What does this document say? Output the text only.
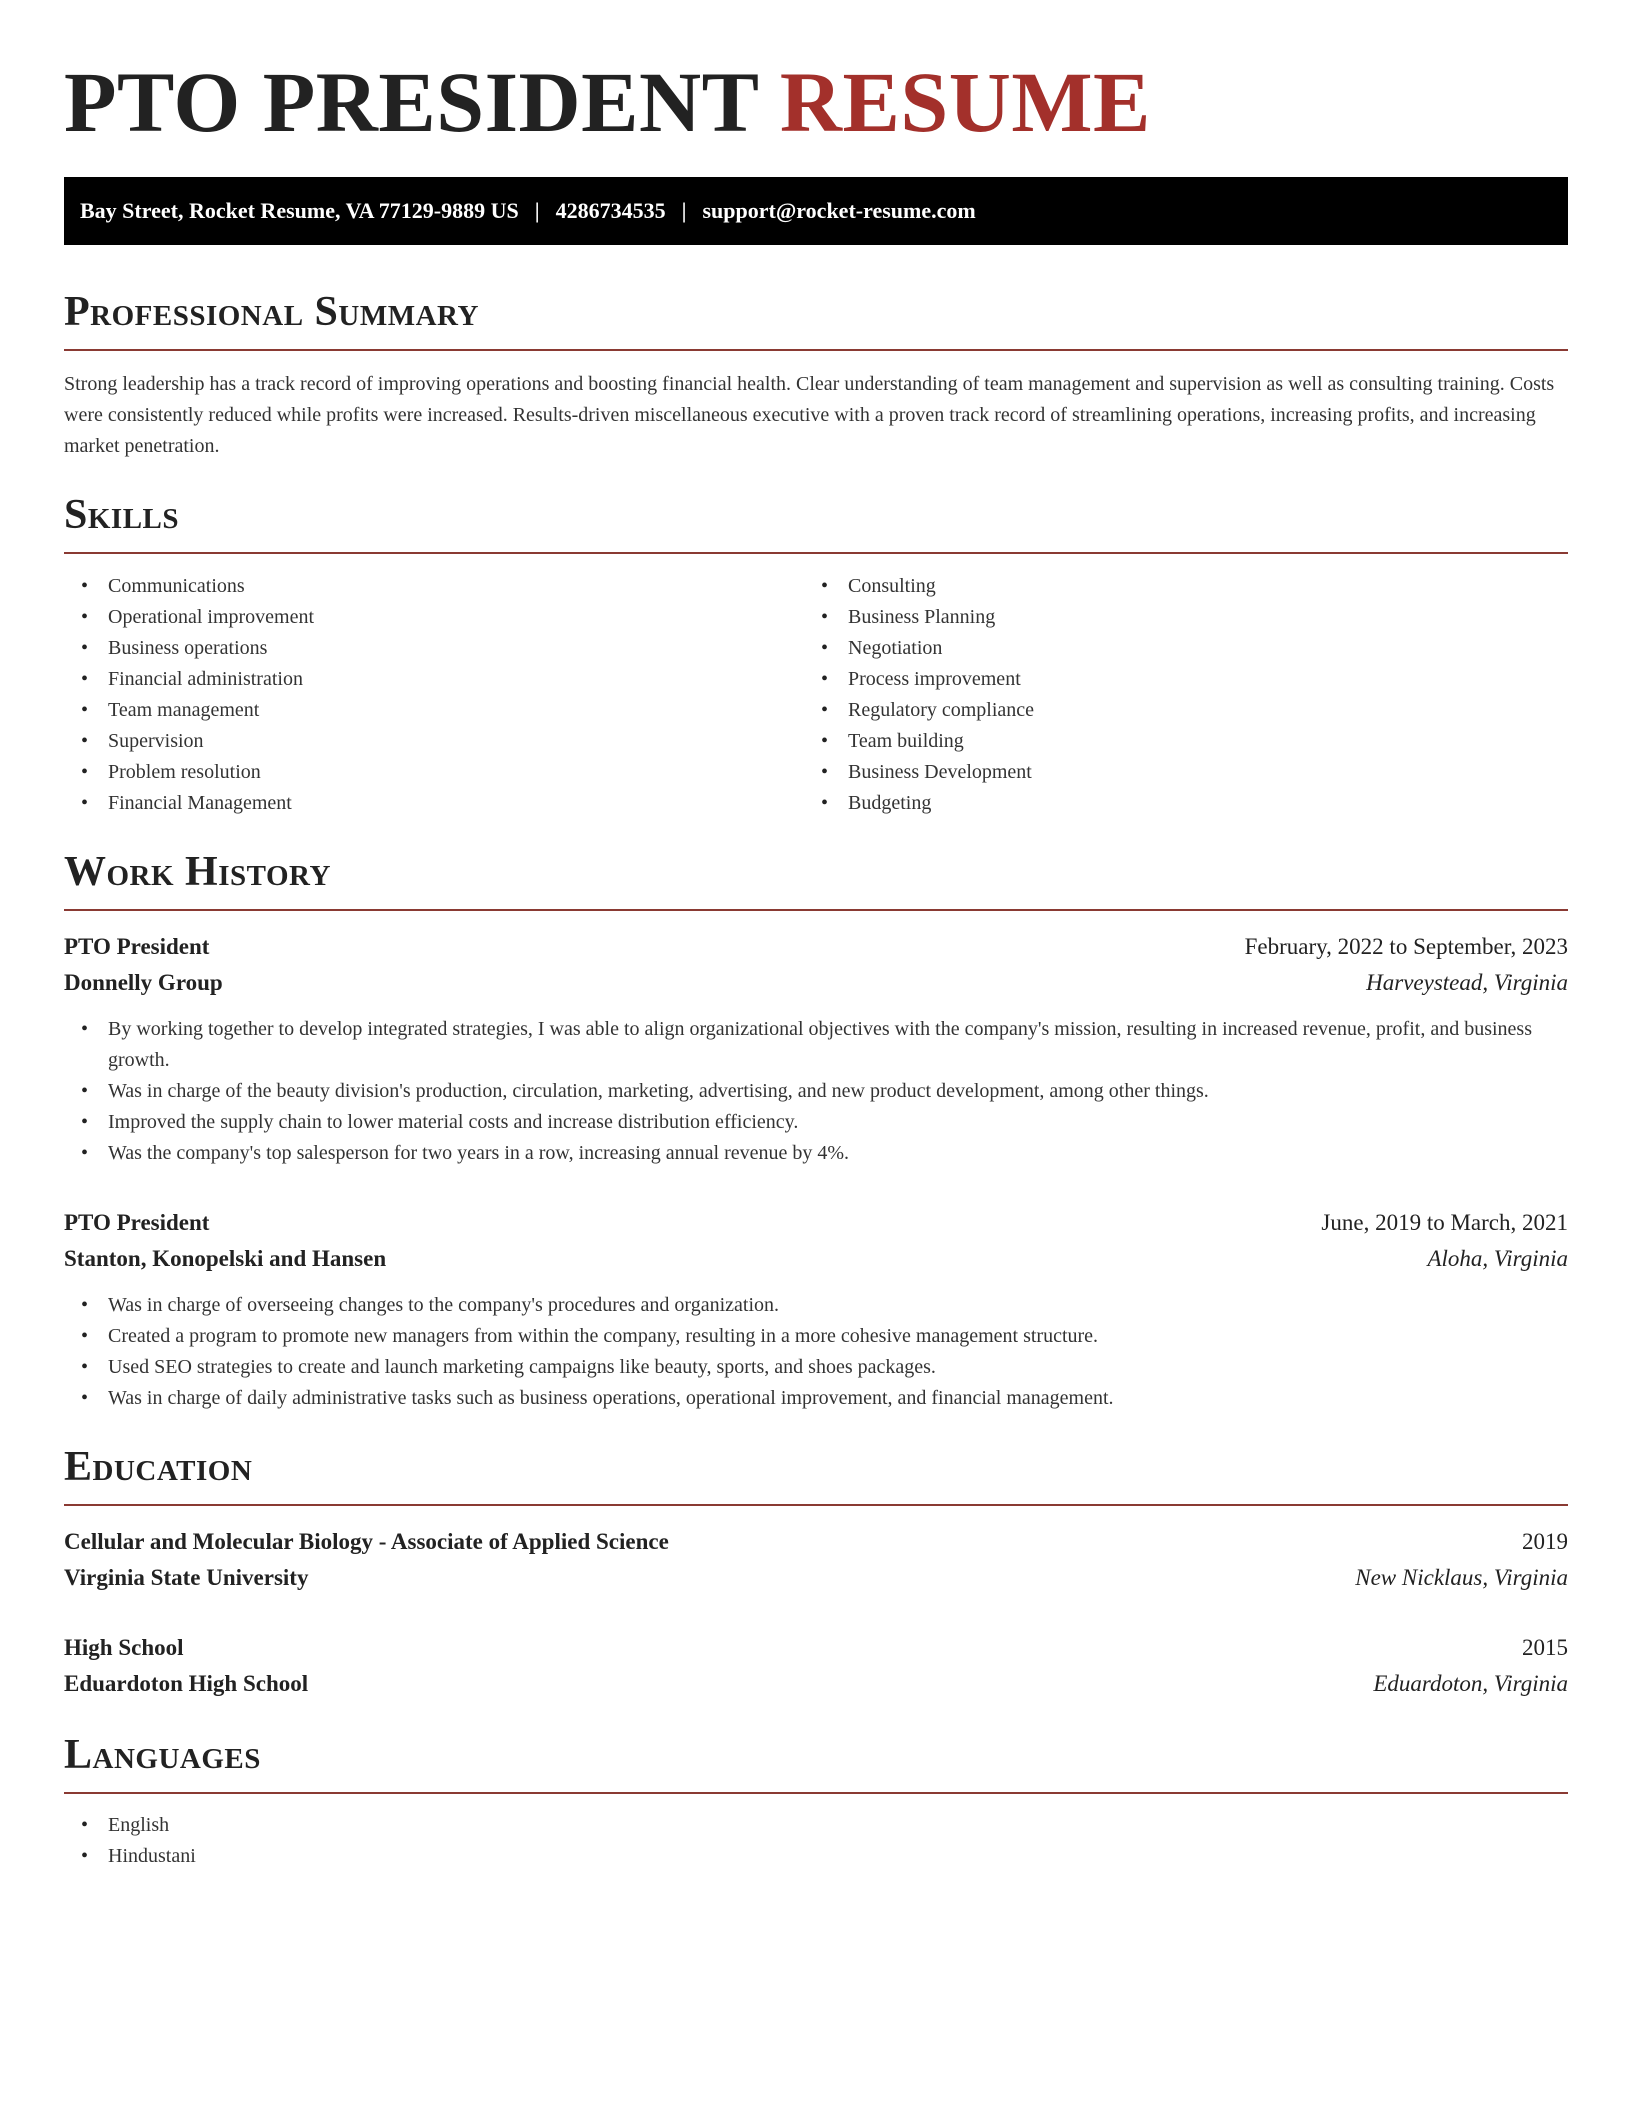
PTO PRESIDENT RESUME
Bay Street, Rocket Resume, VA 77129-9889 US | 4286734535 | support@rocket-resume.com
Professional Summary

Strong leadership has a track record of improving operations and boosting financial health. Clear understanding of team management and supervision as well as consulting training. Costs were consistently reduced while profits were increased. Results-driven miscellaneous executive with a proven track record of streamlining operations, increasing profits, and increasing market penetration.

Skills
• Communications
• Operational improvement
• Business operations
• Financial administration
• Team management
• Supervision
• Problem resolution
• Financial Management
• Consulting
• Business Planning
• Negotiation
• Process improvement
• Regulatory compliance
• Team building
• Business Development
• Budgeting
Work History
PTO President	February, 2022 to September, 2023
Donnelly Group	Harveystead, Virginia
• By working together to develop integrated strategies, I was able to align organizational objectives with the company's mission, resulting in increased revenue, profit, and business growth.
• Was in charge of the beauty division's production, circulation, marketing, advertising, and new product development, among other things.
• Improved the supply chain to lower material costs and increase distribution efficiency.
• Was the company's top salesperson for two years in a row, increasing annual revenue by 4%.
PTO President	June, 2019 to March, 2021
Stanton, Konopelski and Hansen	Aloha, Virginia
• Was in charge of overseeing changes to the company's procedures and organization.
• Created a program to promote new managers from within the company, resulting in a more cohesive management structure.
• Used SEO strategies to create and launch marketing campaigns like beauty, sports, and shoes packages.
• Was in charge of daily administrative tasks such as business operations, operational improvement, and financial management.
Education
Cellular and Molecular Biology - Associate of Applied Science	2019
Virginia State University	New Nicklaus, Virginia
High School	2015
Eduardoton High School	Eduardoton, Virginia
Languages
• English
• Hindustani
